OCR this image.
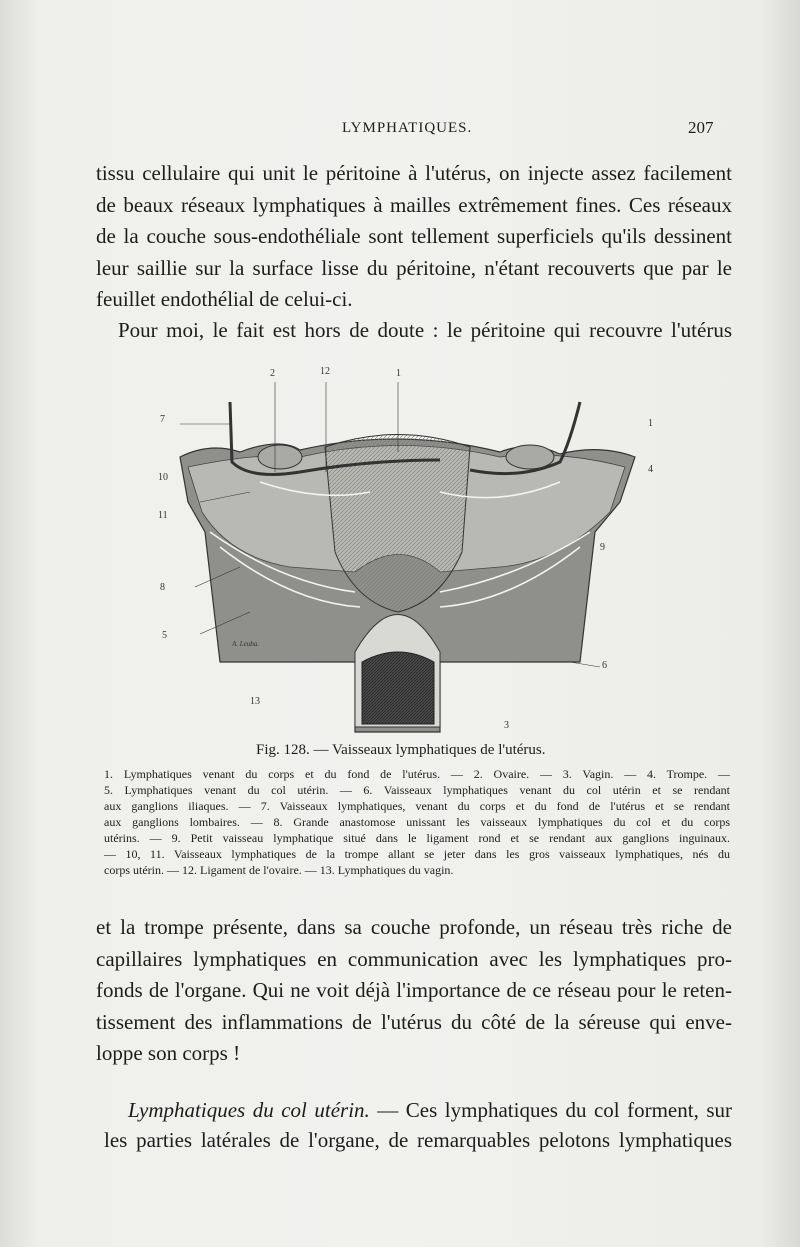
LYMPHATIQUES.	207
tissu cellulaire qui unit le péritoine à l'utérus, on injecte assez facilement
de beaux réseaux lymphatiques à mailles extrêmement fines. Ces réseaux
de la couche sous-endothéliale sont tellement superficiels qu'ils dessinent
leur saillie sur la surface lisse du péritoine, n'étant recouverts que par le
feuillet endothélial de celui-ci.
Pour moi, le fait est hors de doute : le péritoine qui recouvre l'utérus
2	12	1
7	1
4
10
11
9
8
5
6
13
3
A. Leuba.
Fig. 128. — Vaisseaux lymphatiques de l'utérus.
1. Lymphatiques venant du corps et du fond de l'utérus. — 2. Ovaire. — 3. Vagin. — 4. Trompe. —
5. Lymphatiques venant du col utérin. — 6. Vaisseaux lymphatiques venant du col utérin et se rendant
aux ganglions iliaques. — 7. Vaisseaux lymphatiques, venant du corps et du fond de l'utérus et se rendant
aux ganglions lombaires. — 8. Grande anastomose unissant les vaisseaux lymphatiques du col et du corps
utérins. — 9. Petit vaisseau lymphatique situé dans le ligament rond et se rendant aux ganglions inguinaux.
— 10, 11. Vaisseaux lymphatiques de la trompe allant se jeter dans les gros vaisseaux lymphatiques, nés du
corps utérin. — 12. Ligament de l'ovaire. — 13. Lymphatiques du vagin.
et la trompe présente, dans sa couche profonde, un réseau très riche de
capillaires lymphatiques en communication avec les lymphatiques pro-
fonds de l'organe. Qui ne voit déjà l'importance de ce réseau pour le reten-
tissement des inflammations de l'utérus du côté de la séreuse qui enve-
loppe son corps !
Lymphatiques du col utérin. — Ces lymphatiques du col forment, sur
les parties latérales de l'organe, de remarquables pelotons lymphatiques
